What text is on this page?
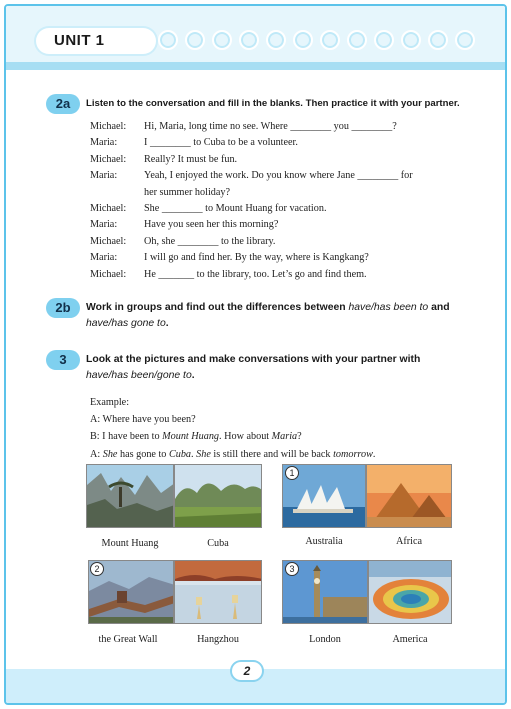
UNIT 1
2a	Listen to the conversation and fill in the blanks. Then practice it with your partner.
Michael:	Hi, Maria, long time no see. Where ________ you ________?
Maria:	I ________ to Cuba to be a volunteer.
Michael:	Really? It must be fun.
Maria:	Yeah, I enjoyed the work. Do you know where Jane ________ for
her summer holiday?
Michael:	She ________ to Mount Huang for vacation.
Maria:	Have you seen her this morning?
Michael:	Oh, she ________ to the library.
Maria:	I will go and find her. By the way, where is Kangkang?
Michael:	He _______ to the library, too. Let’s go and find them.
2b	Work in groups and find out the differences between have/has been to and have/has gone to.
3	Look at the pictures and make conversations with your partner with
have/has been/gone to.
Example:
A: Where have you been?
B: I have been to Mount Huang. How about Maria?
A: She has gone to Cuba. She is still there and will be back tomorrow.
1
Mount Huang	Cuba	Australia	Africa
2	3
the Great Wall	Hangzhou	London	America
2
